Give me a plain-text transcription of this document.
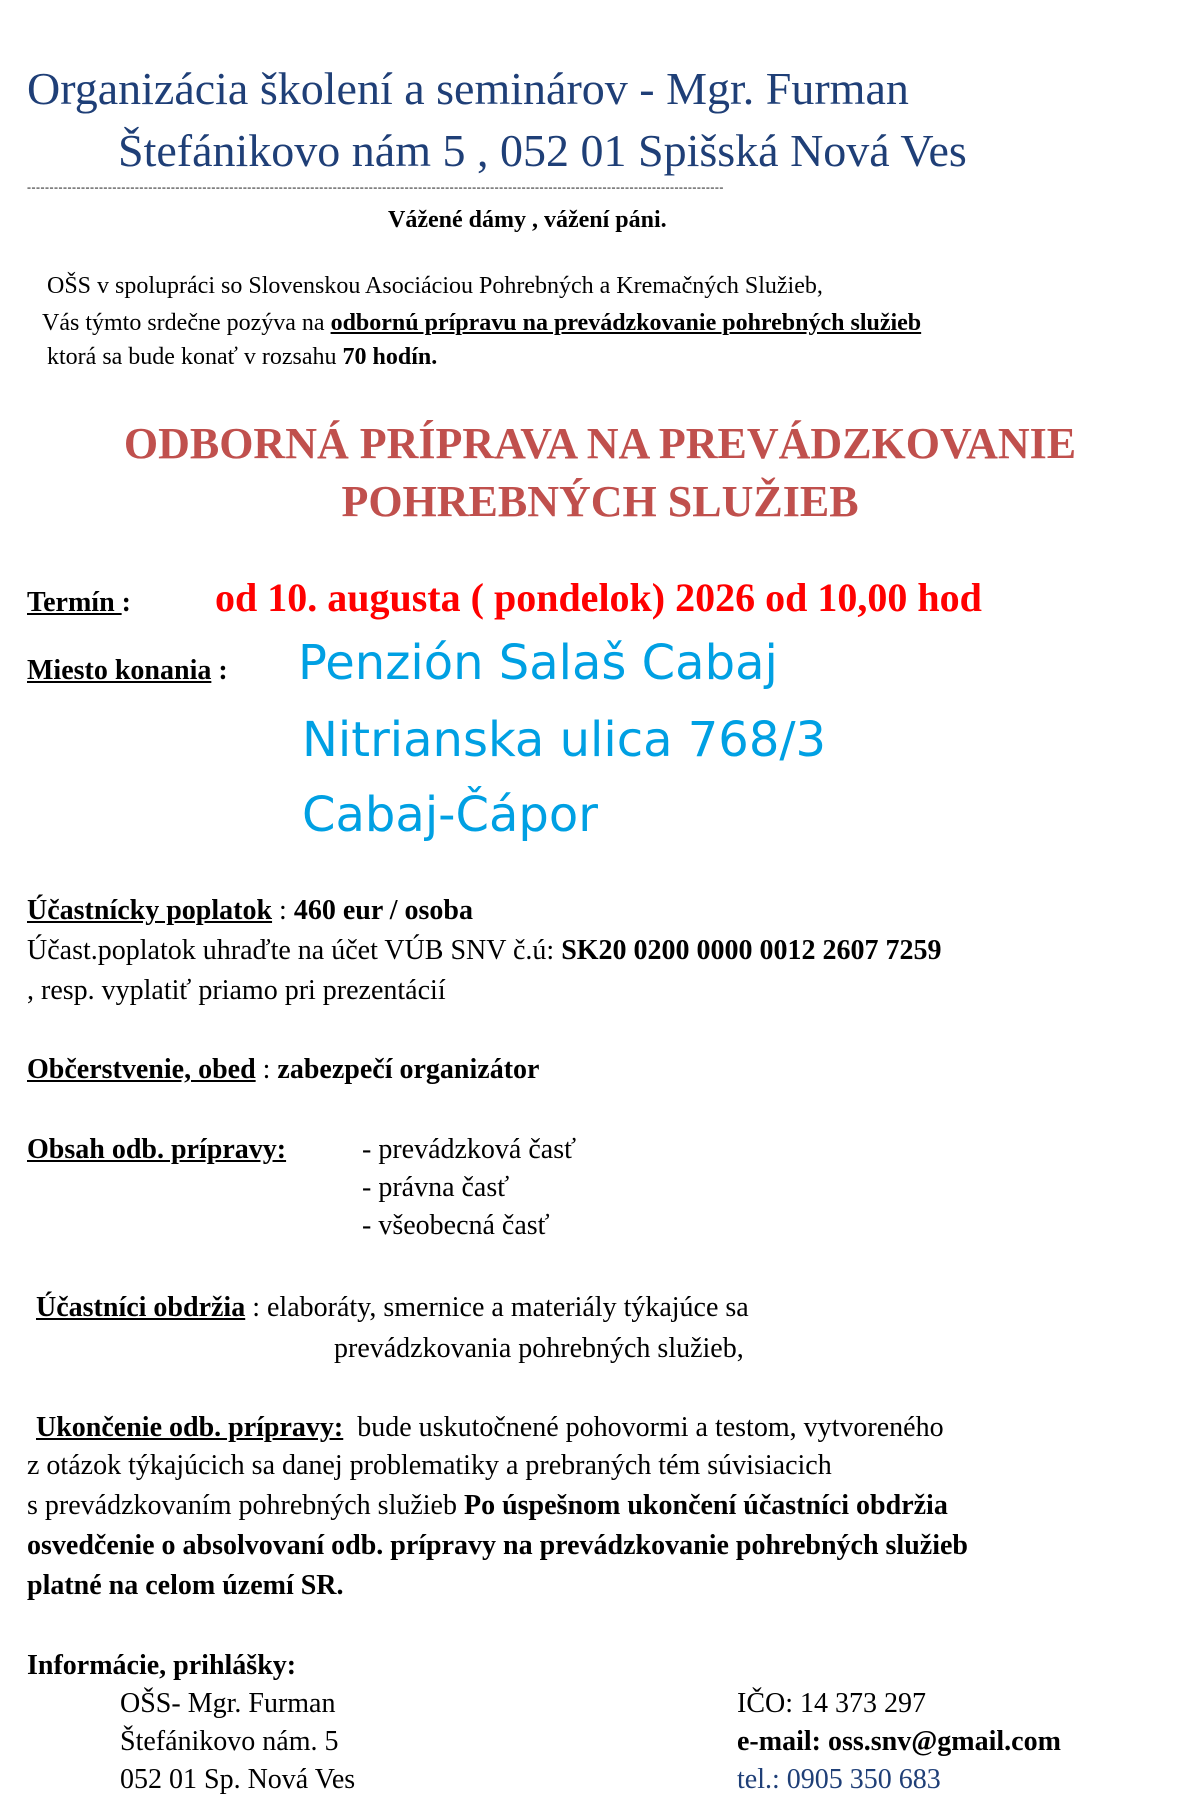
Organizácia školení a seminárov - Mgr. Furman
Štefánikovo nám 5 , 052 01 Spišská Nová Ves
-----------------------------------------------------------------------------------------------------------------------------------------------------------
Vážené dámy , vážení páni.
OŠS v spolupráci so Slovenskou Asociáciou Pohrebných a Kremačných Služieb,
Vás týmto srdečne pozýva na odbornú prípravu na prevádzkovanie pohrebných služieb
ktorá sa bude konať v rozsahu 70 hodín.
ODBORNÁ PRÍPRAVA NA PREVÁDZKOVANIE
POHREBNÝCH SLUŽIEB
Termín : od 10. augusta ( pondelok) 2026 od 10,00 hod
Miesto konania : Penzión Salaš Cabaj
Nitrianska ulica 768/3
Cabaj-Čápor
Účastnícky poplatok : 460 eur / osoba
Účast.poplatok uhraďte na účet VÚB SNV č.ú: SK20 0200 0000 0012 2607 7259
, resp. vyplatiť priamo pri prezentácií
Občerstvenie, obed : zabezpečí organizátor
Obsah odb. prípravy:	- prevádzková časť
- právna časť
- všeobecná časť
Účastníci obdržia : elaboráty, smernice a materiály týkajúce sa
prevádzkovania pohrebných služieb,
Ukončenie odb. prípravy: bude uskutočnené pohovormi a testom, vytvoreného
z otázok týkajúcich sa danej problematiky a prebraných tém súvisiacich
s prevádzkovaním pohrebných služieb Po úspešnom ukončení účastníci obdržia
osvedčenie o absolvovaní odb. prípravy na prevádzkovanie pohrebných služieb
platné na celom území SR.
Informácie, prihlášky:
OŠS- Mgr. Furman
Štefánikovo nám. 5
052 01 Sp. Nová Ves
IČO: 14 373 297
e-mail: oss.snv@gmail.com
tel.: 0905 350 683
